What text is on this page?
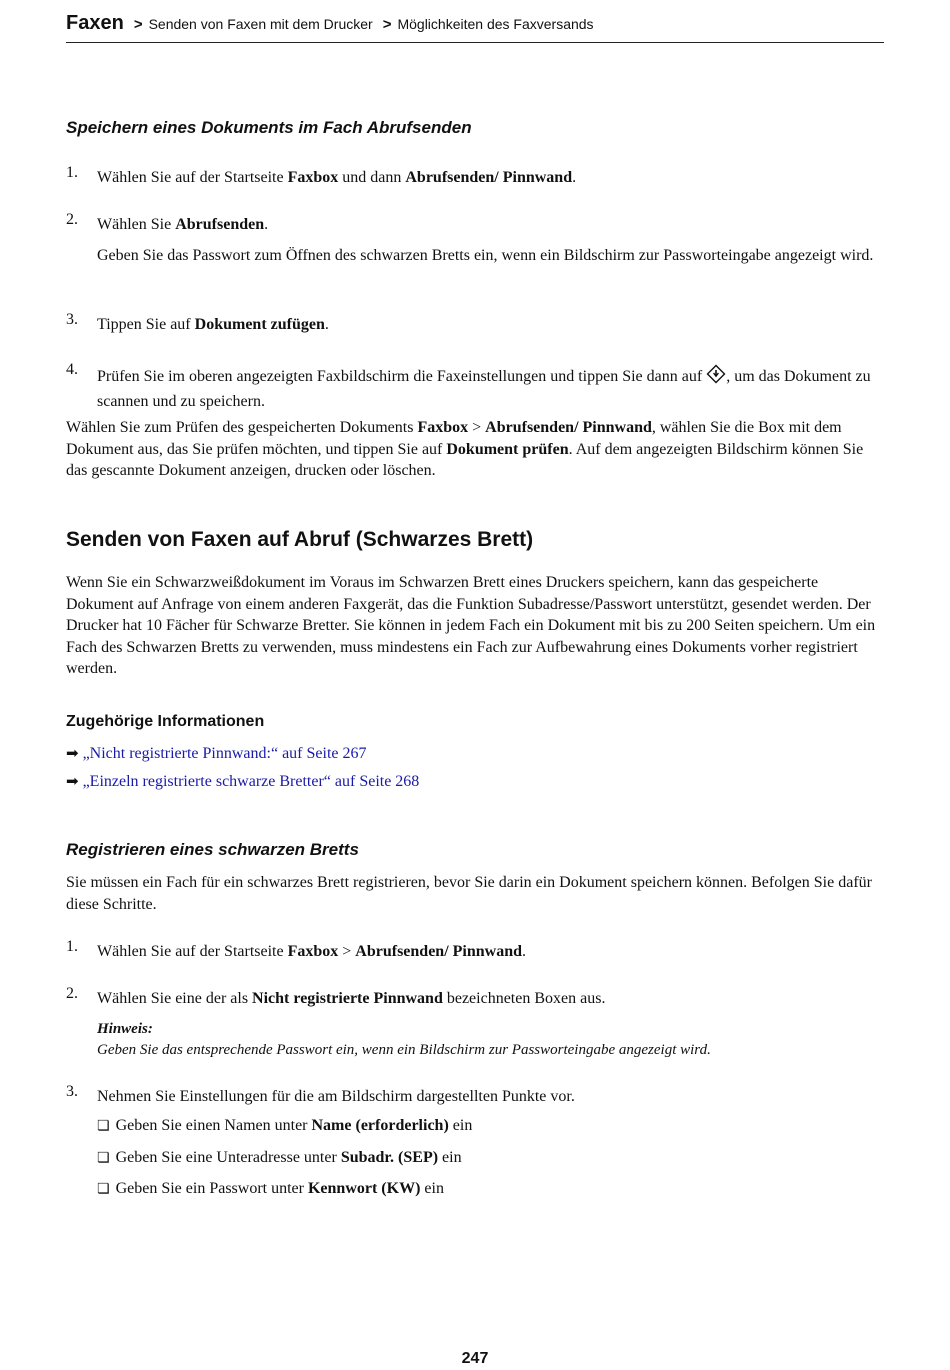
Faxen > Senden von Faxen mit dem Drucker > Möglichkeiten des Faxversands
Speichern eines Dokuments im Fach Abrufsenden
1. Wählen Sie auf der Startseite Faxbox und dann Abrufsenden/ Pinnwand.
2. Wählen Sie Abrufsenden.
Geben Sie das Passwort zum Öffnen des schwarzen Bretts ein, wenn ein Bildschirm zur Passworteingabe angezeigt wird.
3. Tippen Sie auf Dokument zufügen.
4. Prüfen Sie im oberen angezeigten Faxbildschirm die Faxeinstellungen und tippen Sie dann auf , um das Dokument zu scannen und zu speichern.
Wählen Sie zum Prüfen des gespeicherten Dokuments Faxbox > Abrufsenden/ Pinnwand, wählen Sie die Box mit dem Dokument aus, das Sie prüfen möchten, und tippen Sie auf Dokument prüfen. Auf dem angezeigten Bildschirm können Sie das gescannte Dokument anzeigen, drucken oder löschen.
Senden von Faxen auf Abruf (Schwarzes Brett)
Wenn Sie ein Schwarzweißdokument im Voraus im Schwarzen Brett eines Druckers speichern, kann das gespeicherte Dokument auf Anfrage von einem anderen Faxgerät, das die Funktion Subadresse/Passwort unterstützt, gesendet werden. Der Drucker hat 10 Fächer für Schwarze Bretter. Sie können in jedem Fach ein Dokument mit bis zu 200 Seiten speichern. Um ein Fach des Schwarzen Bretts zu verwenden, muss mindestens ein Fach zur Aufbewahrung eines Dokuments vorher registriert werden.
Zugehörige Informationen
➡ „Nicht registrierte Pinnwand:“ auf Seite 267
➡ „Einzeln registrierte schwarze Bretter“ auf Seite 268
Registrieren eines schwarzen Bretts
Sie müssen ein Fach für ein schwarzes Brett registrieren, bevor Sie darin ein Dokument speichern können. Befolgen Sie dafür diese Schritte.
1. Wählen Sie auf der Startseite Faxbox > Abrufsenden/ Pinnwand.
2. Wählen Sie eine der als Nicht registrierte Pinnwand bezeichneten Boxen aus.
Hinweis:
Geben Sie das entsprechende Passwort ein, wenn ein Bildschirm zur Passworteingabe angezeigt wird.
3. Nehmen Sie Einstellungen für die am Bildschirm dargestellten Punkte vor.
❏ Geben Sie einen Namen unter Name (erforderlich) ein
❏ Geben Sie eine Unteradresse unter Subadr. (SEP) ein
❏ Geben Sie ein Passwort unter Kennwort (KW) ein
247
